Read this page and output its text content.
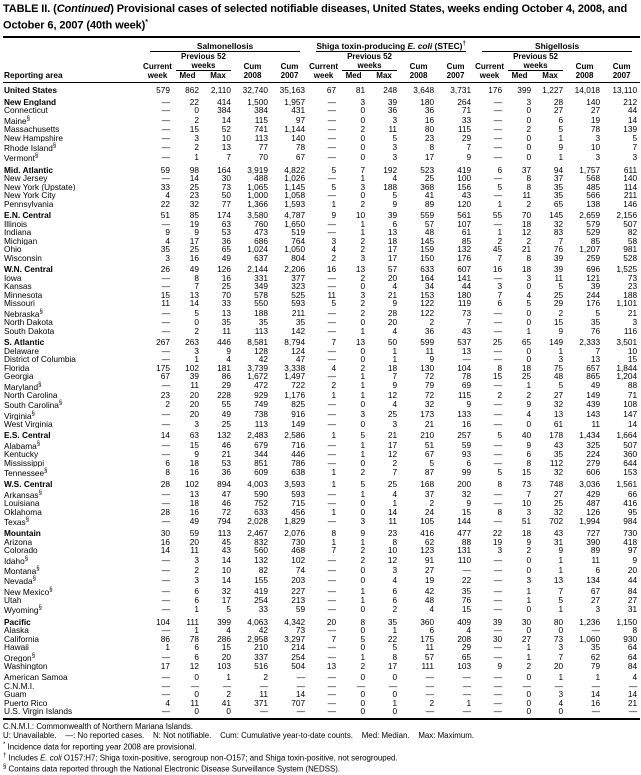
TABLE II. (Continued) Provisional cases of selected notifiable diseases, United States, weeks ending October 4, 2008, and October 6, 2007 (40th week)*
Reporting area	Salmonellosis					Shiga toxin-producing E. coli (STEC)†					Shigellosis				

	Current week	Previous 52 weeks		Cum 2008	Cum 2007	Current week	Previous 52 weeks		Cum 2008	Cum 2007	Current week	Previous 52 weeks		Cum 2008	Cum 2007
		Med	Max				Med	Max				Med	Max		
United States	579	862	2,110	32,740	35,163	67	81	248	3,648	3,731	176	399	1,227	14,018	13,110
New England	—	22	414	1,500	1,957	—	3	39	180	264	—	3	28	140	212
Connecticut	—	0	384	384	431	—	0	36	36	71	—	0	27	27	44
Maine§	—	2	14	115	97	—	0	3	16	33	—	0	6	19	14
Massachusetts	—	15	52	741	1,144	—	2	11	80	115	—	2	5	78	139
New Hampshire	—	3	10	113	140	—	0	5	23	29	—	0	1	3	5
Rhode Island§	—	2	13	77	78	—	0	3	8	7	—	0	9	10	7
Vermont§	—	1	7	70	67	—	0	3	17	9	—	0	1	3	3
Mid. Atlantic	59	98	164	3,919	4,822	5	7	192	523	419	6	37	94	1,757	611
New Jersey	—	14	30	488	1,026	—	1	4	25	100	—	8	37	568	140
New York (Upstate)	33	25	73	1,065	1,145	5	3	188	368	156	5	8	35	485	114
New York City	4	23	50	1,000	1,058	—	0	5	41	43	—	11	35	566	211
Pennsylvania	22	32	77	1,366	1,593	1	2	9	89	120	1	2	65	138	146
E.N. Central	51	85	174	3,580	4,787	9	10	39	559	561	55	70	145	2,659	2,156
Illinois	—	19	63	760	1,650	—	1	6	57	107	—	18	32	579	507
Indiana	9	9	53	473	519	—	1	13	48	61	1	12	83	529	82
Michigan	4	17	36	686	764	3	2	18	145	85	2	2	7	85	58
Ohio	35	25	65	1,024	1,050	4	2	17	159	132	45	21	76	1,207	981
Wisconsin	3	16	49	637	804	2	3	17	150	176	7	8	39	259	528
W.N. Central	26	49	126	2,144	2,206	16	13	57	633	607	16	18	39	696	1,525
Iowa	—	8	16	331	377	—	2	20	164	141	—	3	11	121	73
Kansas	—	7	25	349	323	—	0	4	34	44	3	0	5	39	23
Minnesota	15	13	70	578	525	11	3	21	153	180	7	4	25	244	188
Missouri	11	14	33	550	593	5	2	9	122	119	6	5	29	176	1,101
Nebraska§	—	5	13	188	211	—	2	28	122	73	—	0	2	5	21
North Dakota	—	0	35	35	35	—	0	20	2	7	—	0	15	35	3
South Dakota	—	2	11	113	142	—	1	4	36	43	—	1	9	76	116
S. Atlantic	267	263	446	8,581	8,794	7	13	50	599	537	25	65	149	2,333	3,501
Delaware	—	3	9	128	124	—	0	1	11	13	—	0	1	7	10
District of Columbia	—	1	4	42	47	—	0	1	9	—	—	0	3	13	15
Florida	175	102	181	3,739	3,338	4	2	18	130	104	8	18	75	657	1,844
Georgia	67	39	86	1,672	1,497	—	1	7	72	78	15	25	48	865	1,204
Maryland§	—	11	29	472	722	2	1	9	79	69	—	1	5	49	88
North Carolina	23	20	228	929	1,176	1	1	12	72	115	2	2	27	149	71
South Carolina§	2	20	55	749	825	—	0	4	32	9	—	9	32	439	108
Virginia§	—	20	49	738	916	—	3	25	173	133	—	4	13	143	147
West Virginia	—	3	25	113	149	—	0	3	21	16	—	0	61	11	14
E.S. Central	14	63	132	2,483	2,586	1	5	21	210	257	5	40	178	1,434	1,664
Alabama§	—	15	46	679	716	—	1	17	51	59	—	9	43	325	507
Kentucky	—	9	21	344	446	—	1	12	67	93	—	6	35	224	360
Mississippi	6	18	53	851	786	—	0	2	5	6	—	8	112	279	644
Tennessee§	8	16	36	609	638	1	2	7	87	99	5	15	32	606	153
W.S. Central	28	102	894	4,003	3,593	1	5	25	168	200	8	73	748	3,036	1,561
Arkansas§	—	13	47	590	593	—	1	4	37	32	—	7	27	429	66
Louisiana	—	18	46	752	715	—	0	1	2	9	—	10	25	487	416
Oklahoma	28	16	72	633	456	1	0	14	24	15	8	3	32	126	95
Texas§	—	49	794	2,028	1,829	—	3	11	105	144	—	51	702	1,994	984
Mountain	30	59	113	2,467	2,076	8	9	23	416	477	22	18	43	727	730
Arizona	16	20	45	832	730	1	1	8	62	88	19	9	31	390	418
Colorado	14	11	43	560	468	7	2	10	123	131	3	2	9	89	97
Idaho§	—	3	14	132	102	—	2	12	91	110	—	0	1	11	9
Montana§	—	2	10	82	74	—	0	3	27	—	—	0	1	6	20
Nevada§	—	3	14	155	203	—	0	4	19	22	—	3	13	134	44
New Mexico§	—	6	32	419	227	—	1	6	42	35	—	1	7	67	84
Utah	—	6	17	254	213	—	1	6	48	76	—	1	5	27	27
Wyoming§	—	1	5	33	59	—	0	2	4	15	—	0	1	3	31
Pacific	104	111	399	4,063	4,342	20	8	35	360	409	39	30	80	1,236	1,150
Alaska	—	1	4	42	73	—	0	1	6	4	—	0	0	—	8
California	86	78	286	2,958	3,297	7	5	22	175	208	30	27	73	1,060	930
Hawaii	1	6	15	210	214	—	0	5	11	29	—	1	3	35	64
Oregon§	—	6	20	337	254	—	1	8	57	65	—	1	7	62	64
Washington	17	12	103	516	504	13	2	17	111	103	9	2	20	79	84
American Samoa	—	0	1	2	—	—	0	0	—	—	—	0	1	1	4
C.N.M.I.	—	—	—	—	—	—	—	—	—	—	—	—	—	—	—
Guam	—	0	2	11	14	—	0	0	—	—	—	0	3	14	14
Puerto Rico	4	11	41	371	707	—	0	1	2	1	—	0	4	16	21
U.S. Virgin Islands	—	0	0	—	—	—	0	0	—	—	—	0	0	—	—
C.N.M.I.: Commonwealth of Northern Mariana Islands.
U: Unavailable.    —: No reported cases.    N: Not notifiable.    Cum: Cumulative year-to-date counts.    Med: Median.    Max: Maximum.
* Incidence data for reporting year 2008 are provisional.
† Includes E. coli O157:H7; Shiga toxin-positive, serogroup non-O157; and Shiga toxin-positive, not serogrouped.
§ Contains data reported through the National Electronic Disease Surveillance System (NEDSS).
